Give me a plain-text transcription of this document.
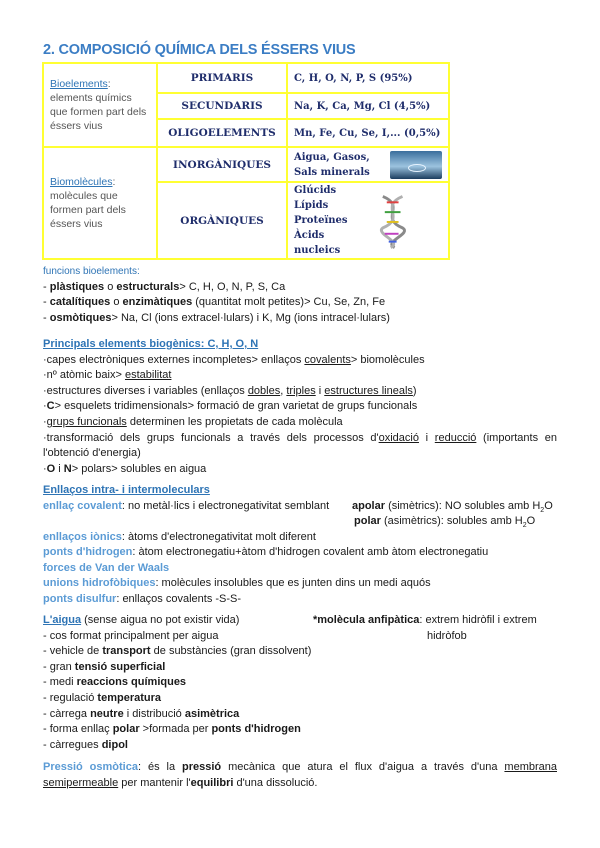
2. COMPOSICIÓ QUÍMICA DELS ÉSSERS VIUS
Bioelements: elements químics que formen part dels éssers vius	PRIMARIS	C, H, O, N, P, S (95%)
	SECUNDARIS	Na, K, Ca, Mg, Cl (4,5%)
	OLIGOELEMENTS	Mn, Fe, Cu, Se, I,... (0,5%)
Biomolècules: molècules que formen part dels éssers vius	INORGÀNIQUES	Aigua, Gasos,
Sals minerals

	ORGÀNIQUES	Glúcids
Lípids
Proteïnes
Àcids nucleics
funcions bioelements:
- plàstiques o estructurals> C, H, O, N, P, S, Ca
- catalítiques o enzimàtiques (quantitat molt petites)> Cu, Se, Zn, Fe
- osmòtiques> Na, Cl (ions extracel·lulars) i K, Mg (ions intracel·lulars)
Principals elements biogènics: C, H, O, N
·capes electròniques externes incompletes> enllaços covalents> biomolècules
·nº atòmic baix> estabilitat
·estructures diverses i variables (enllaços dobles, triples i estructures lineals)
·C> esquelets tridimensionals> formació de gran varietat de grups funcionals
·grups funcionals determinen les propietats de cada molècula
·transformació dels grups funcionals a través dels processos d'oxidació i reducció (importants en l'obtenció d'energia)
·O i N> polars> solubles en aigua
Enllaços intra- i intermoleculars
enllaç covalent: no metàl·lics i electronegativitat semblant apolar (simètrics): NO solubles amb $H_2O$
polar (asimètrics): solubles amb $H_2O$
enllaços iònics: àtoms d'electronegativitat molt diferent
ponts d'hidrogen: àtom electronegatiu+àtom d'hidrogen covalent amb àtom electronegatiu
forces de Van der Waals
unions hidrofòbiques: molècules insolubles que es junten dins un medi aquós
ponts disulfur: enllaços covalents -S-S-
L'aigua (sense aigua no pot existir vida)	*molècula anfipàtica: extrem hidròfil i extrem
hidròfob
- cos format principalment per aigua
- vehicle de transport de substàncies (gran dissolvent)
- gran tensió superficial
- medi reaccions químiques
- regulació temperatura
- càrrega neutre i distribució asimètrica
- forma enllaç polar >formada per ponts d'hidrogen
- càrregues dipol
Pressió osmòtica: és la pressió mecànica que atura el flux d'aigua a través d'una membrana semipermeable per mantenir l'equilibri d'una dissolució.
